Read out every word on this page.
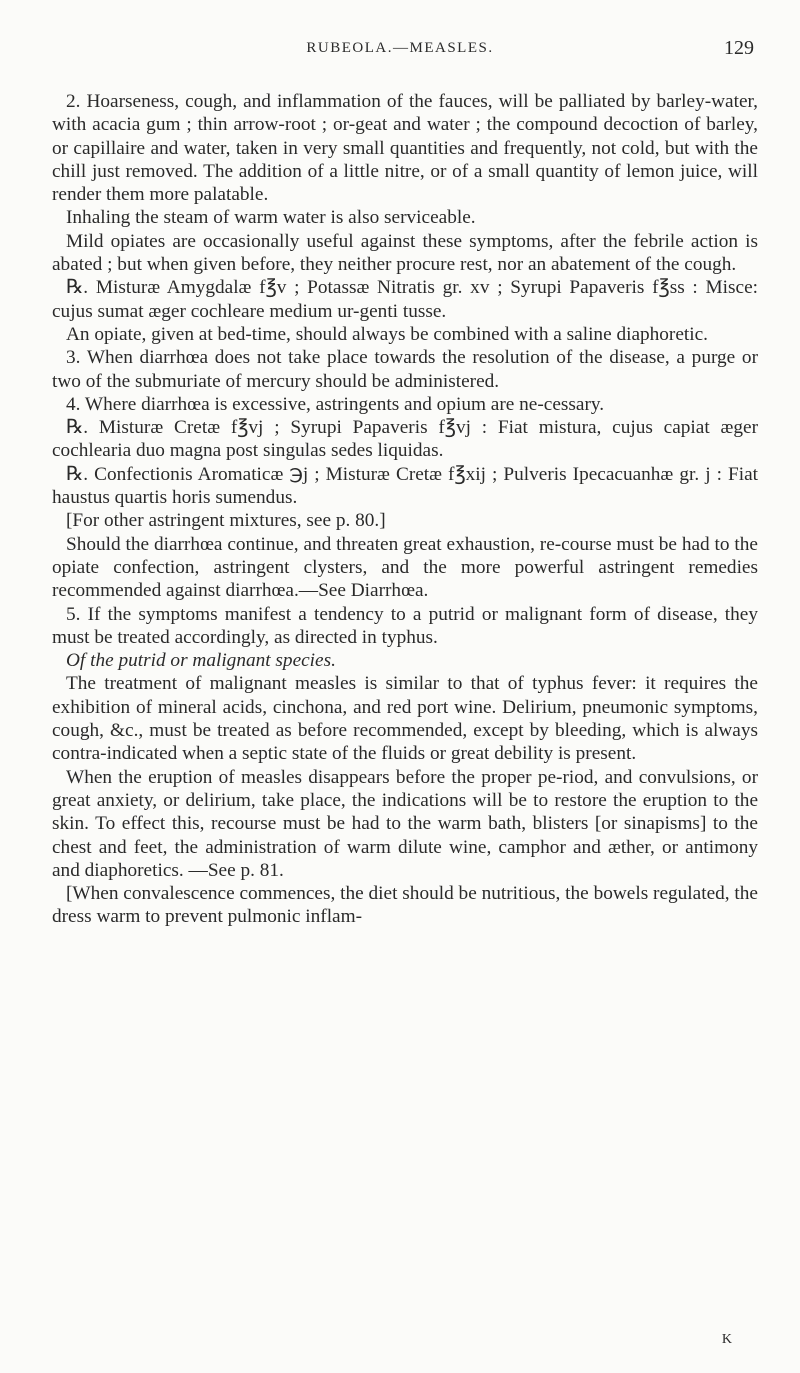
RUBEOLA.—MEASLES.	129

2. Hoarseness, cough, and inflammation of the fauces, will be palliated by barley-water, with acacia gum ; thin arrow-root ; or-geat and water ; the compound decoction of barley, or capillaire and water, taken in very small quantities and frequently, not cold, but with the chill just removed. The addition of a little nitre, or of a small quantity of lemon juice, will render them more palatable.

Inhaling the steam of warm water is also serviceable.

Mild opiates are occasionally useful against these symptoms, after the febrile action is abated ; but when given before, they neither procure rest, nor an abatement of the cough.

℞. Misturæ Amygdalæ f℥v ; Potassæ Nitratis gr. xv ; Syrupi Papaveris f℥ss : Misce: cujus sumat æger cochleare medium ur-genti tusse.

An opiate, given at bed-time, should always be combined with a saline diaphoretic.

3. When diarrhœa does not take place towards the resolution of the disease, a purge or two of the submuriate of mercury should be administered.

4. Where diarrhœa is excessive, astringents and opium are ne-cessary.

℞. Misturæ Cretæ f℥vj ; Syrupi Papaveris f℥vj : Fiat mistura, cujus capiat æger cochlearia duo magna post singulas sedes liquidas.

℞. Confectionis Aromaticæ ℈j ; Misturæ Cretæ f℥xij ; Pulveris Ipecacuanhæ gr. j : Fiat haustus quartis horis sumendus.

[For other astringent mixtures, see p. 80.]

Should the diarrhœa continue, and threaten great exhaustion, re-course must be had to the opiate confection, astringent clysters, and the more powerful astringent remedies recommended against diarrhœa.—See Diarrhœa.

5. If the symptoms manifest a tendency to a putrid or malignant form of disease, they must be treated accordingly, as directed in typhus.

Of the putrid or malignant species.

The treatment of malignant measles is similar to that of typhus fever: it requires the exhibition of mineral acids, cinchona, and red port wine. Delirium, pneumonic symptoms, cough, &c., must be treated as before recommended, except by bleeding, which is always contra-indicated when a septic state of the fluids or great debility is present.

When the eruption of measles disappears before the proper pe-riod, and convulsions, or great anxiety, or delirium, take place, the indications will be to restore the eruption to the skin. To effect this, recourse must be had to the warm bath, blisters [or sinapisms] to the chest and feet, the administration of warm dilute wine, camphor and æther, or antimony and diaphoretics. —See p. 81.

[When convalescence commences, the diet should be nutritious, the bowels regulated, the dress warm to prevent pulmonic inflam-

K
